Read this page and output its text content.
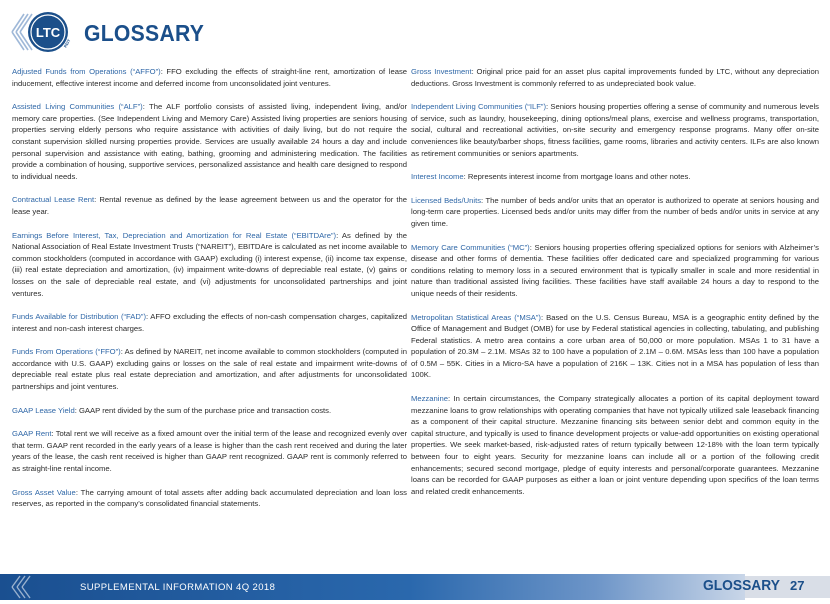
LTC
REIT GLOSSARY

Adjusted Funds from Operations (“AFFO”): FFO excluding the effects of straight-line rent, amortization of lease inducement, effective interest income and deferred income from unconsolidated joint ventures.

Assisted Living Communities (“ALF”): The ALF portfolio consists of assisted living, independent living, and/or memory care properties. (See Independent Living and Memory Care) Assisted living properties are seniors housing properties serving elderly persons who require assistance with activities of daily living, but do not require the constant supervision skilled nursing properties provide. Services are usually available 24 hours a day and include personal supervision and assistance with eating, bathing, grooming and administering medication. The facilities provide a combination of housing, supportive services, personalized assistance and health care designed to respond to individual needs.

Contractual Lease Rent: Rental revenue as defined by the lease agreement between us and the operator for the lease year.

Earnings Before Interest, Tax, Depreciation and Amortization for Real Estate (“EBITDAre”): As defined by the National Association of Real Estate Investment Trusts (“NAREIT”), EBITDAre is calculated as net income available to common stockholders (computed in accordance with GAAP) excluding (i) interest expense, (ii) income tax expense, (iii) real estate depreciation and amortization, (iv) impairment write-downs of depreciable real estate, (v) gains or losses on the sale of depreciable real estate, and (vi) adjustments for unconsolidated partnerships and joint ventures.

Funds Available for Distribution (“FAD”): AFFO excluding the effects of non-cash compensation charges, capitalized interest and non-cash interest charges.

Funds From Operations (“FFO”): As defined by NAREIT, net income available to common stockholders (computed in accordance with U.S. GAAP) excluding gains or losses on the sale of real estate and impairment write-downs of depreciable real estate plus real estate depreciation and amortization, and after adjustments for unconsolidated partnerships and joint ventures.

GAAP Lease Yield: GAAP rent divided by the sum of the purchase price and transaction costs.

GAAP Rent: Total rent we will receive as a fixed amount over the initial term of the lease and recognized evenly over that term. GAAP rent recorded in the early years of a lease is higher than the cash rent received and during the later years of the lease, the cash rent received is higher than GAAP rent recognized. GAAP rent is commonly referred to as straight-line rental income.

Gross Asset Value: The carrying amount of total assets after adding back accumulated depreciation and loan loss reserves, as reported in the company’s consolidated financial statements.

Gross Investment: Original price paid for an asset plus capital improvements funded by LTC, without any depreciation deductions. Gross Investment is commonly referred to as undepreciated book value.

Independent Living Communities (“ILF”): Seniors housing properties offering a sense of community and numerous levels of service, such as laundry, housekeeping, dining options/meal plans, exercise and wellness programs, transportation, social, cultural and recreational activities, on-site security and emergency response programs. Many offer on-site conveniences like beauty/barber shops, fitness facilities, game rooms, libraries and activity centers. ILFs are also known as retirement communities or seniors apartments.

Interest Income: Represents interest income from mortgage loans and other notes.

Licensed Beds/Units: The number of beds and/or units that an operator is authorized to operate at seniors housing and long-term care properties. Licensed beds and/or units may differ from the number of beds and/or units in service at any given time.

Memory Care Communities (“MC”): Seniors housing properties offering specialized options for seniors with Alzheimer’s disease and other forms of dementia. These facilities offer dedicated care and specialized programming for various conditions relating to memory loss in a secured environment that is typically smaller in scale and more residential in nature than traditional assisted living facilities. These facilities have staff available 24 hours a day to respond to the unique needs of their residents.

Metropolitan Statistical Areas (“MSA”): Based on the U.S. Census Bureau, MSA is a geographic entity defined by the Office of Management and Budget (OMB) for use by Federal statistical agencies in collecting, tabulating, and publishing Federal statistics. A metro area contains a core urban area of 50,000 or more population. MSAs 1 to 31 have a population of 20.3M – 2.1M. MSAs 32 to 100 have a population of 2.1M – 0.6M. MSAs less than 100 have a population of 0.5M – 55K. Cities in a Micro-SA have a population of 216K – 13K. Cities not in a MSA has population of less than 100K.

Mezzanine: In certain circumstances, the Company strategically allocates a portion of its capital deployment toward mezzanine loans to grow relationships with operating companies that have not typically utilized sale leaseback financing as a component of their capital structure. Mezzanine financing sits between senior debt and common equity in the capital structure, and typically is used to finance development projects or value-add opportunities on existing operational properties. We seek market-based, risk-adjusted rates of return typically between 12-18% with the loan term typically between four to eight years. Security for mezzanine loans can include all or a portion of the following credit enhancements; secured second mortgage, pledge of equity interests and personal/corporate guarantees. Mezzanine loans can be recorded for GAAP purposes as either a loan or joint venture depending upon specifics of the loan terms and related credit enhancements.

SUPPLEMENTAL INFORMATION 4Q 2018	GLOSSARY 27
